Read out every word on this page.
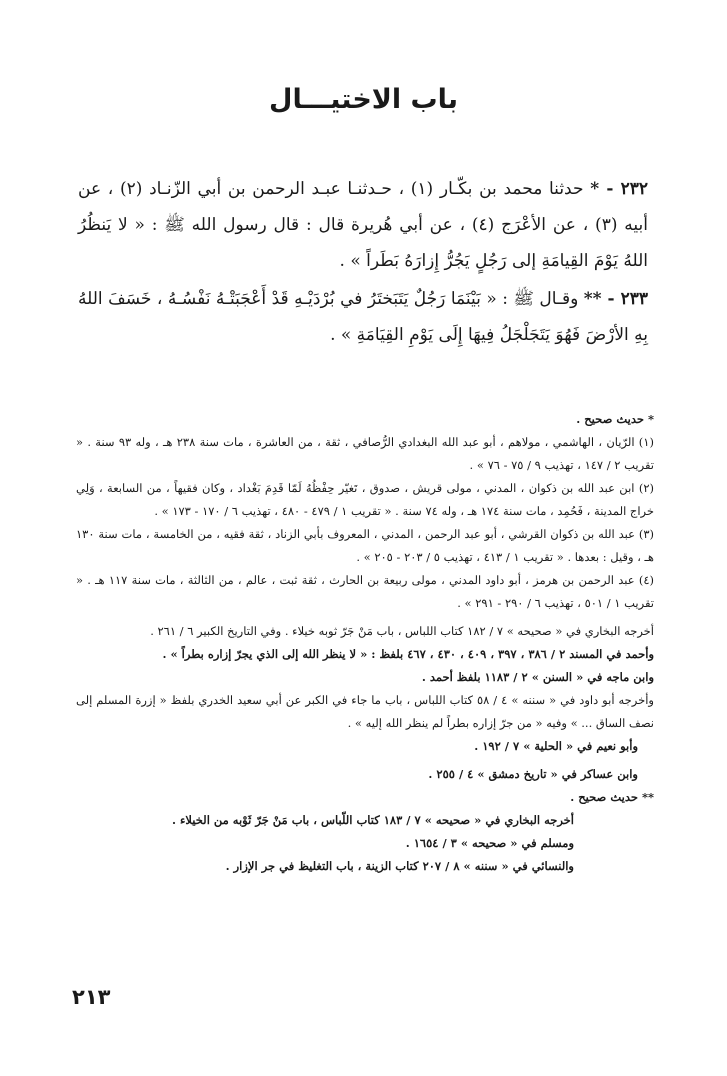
باب الاختيـــال
٢٣٢ - * حدثنا محمد بن بكّـار (١) ، حـدثنـا عبـد الرحمن بن أبي الزّنـاد (٢) ، عن أبيه (٣) ، عن الأعْرَج (٤) ، عن أبي هُريرة قال : قال رسول الله ﷺ : « لا يَنظُرُ اللهُ يَوْمَ القِيامَةِ إلى رَجُلٍ يَجُرُّ إِزارَهُ بَطَراً » .
٢٣٣ - ** وقـال ﷺ : « بَيْنَمَا رَجُلٌ يَتَبَختَرُ في بُرْدَيْـهِ قَدْ أَعْجَبَتْـهُ نَفْسُـهُ ، خَسَفَ اللهُ بِهِ الأرْضَ فَهُوَ يَتَجَلْجَلُ فِيهَا إِلَى يَوْمِ القِيَامَةِ » .

* حديث صحيح .

(١) الرّيان ، الهاشمي ، مولاهم ، أبو عبد الله البغدادي الرُّصافي ، ثقة ، من العاشرة ، مات سنة ٢٣٨ هـ ، وله ٩٣ سنة . « تقريب ٢ / ١٤٧ ، تهذيب ٩ / ٧٥ - ٧٦ » .

(٢) ابن عبد الله بن ذكوان ، المدني ، مولى قريش ، صدوق ، تَغيّر حِفْظُهُ لَمّا قَدِمَ بَغْداد ، وكان فقيهاً ، من السابعة ، وَلِي خراج المدينة ، فَحُمِد ، مات سنة ١٧٤ هـ ، وله ٧٤ سنة . « تقريب ١ / ٤٧٩ - ٤٨٠ ، تهذيب ٦ / ١٧٠ - ١٧٣ » .

(٣) عبد الله بن ذكوان القرشي ، أبو عبد الرحمن ، المدني ، المعروف بأبي الزناد ، ثقة فقيه ، من الخامسة ، مات سنة ١٣٠ هـ ، وقيل : بعدها . « تقريب ١ / ٤١٣ ، تهذيب ٥ / ٢٠٣ - ٢٠٥ » .

(٤) عبد الرحمن بن هرمز ، أبو داود المدني ، مولى ربيعة بن الحارث ، ثقة ثبت ، عالم ، من الثالثة ، مات سنة ١١٧ هـ . « تقريب ١ / ٥٠١ ، تهذيب ٦ / ٢٩٠ - ٢٩١ » .

أخرجه البخاري في « صحيحه » ٧ / ١٨٢ كتاب اللباس ، باب مَنْ جَرّ ثوبه خيلاء . وفي التاريخ الكبير ٦ / ٢٦١ .

وأحمد في المسند ٢ / ٣٨٦ ، ٣٩٧ ، ٤٠٩ ، ٤٣٠ ، ٤٦٧ بلفظ : « لا ينظر الله إلى الذي يجرّ إزاره بطراً » .

وابن ماجه في « السنن » ٢ / ١١٨٣ بلفظ أحمد .

وأخرجه أبو داود في « سننه » ٤ / ٥٨ كتاب اللباس ، باب ما جاء في الكبر عن أبي سعيد الخدري بلفظ « إزرة المسلم إلى نصف الساق ... » وفيه « من جرّ إزاره بطراً لم ينظر الله إليه » .

وأبو نعيم في « الحلية » ٧ / ١٩٢ .

وابن عساكر في « تاريخ دمشق » ٤ / ٢٥٥ .

** حديث صحيح .

أخرجه البخاري في « صحيحه » ٧ / ١٨٣ كتاب اللّباس ، باب مَنْ جَرّ ثَوْبه من الخيلاء .

ومسلم في « صحيحه » ٣ / ١٦٥٤ .

والنسائي في « سننه » ٨ / ٢٠٧ كتاب الزينة ، باب التغليظ في جر الإزار .

٢١٣
